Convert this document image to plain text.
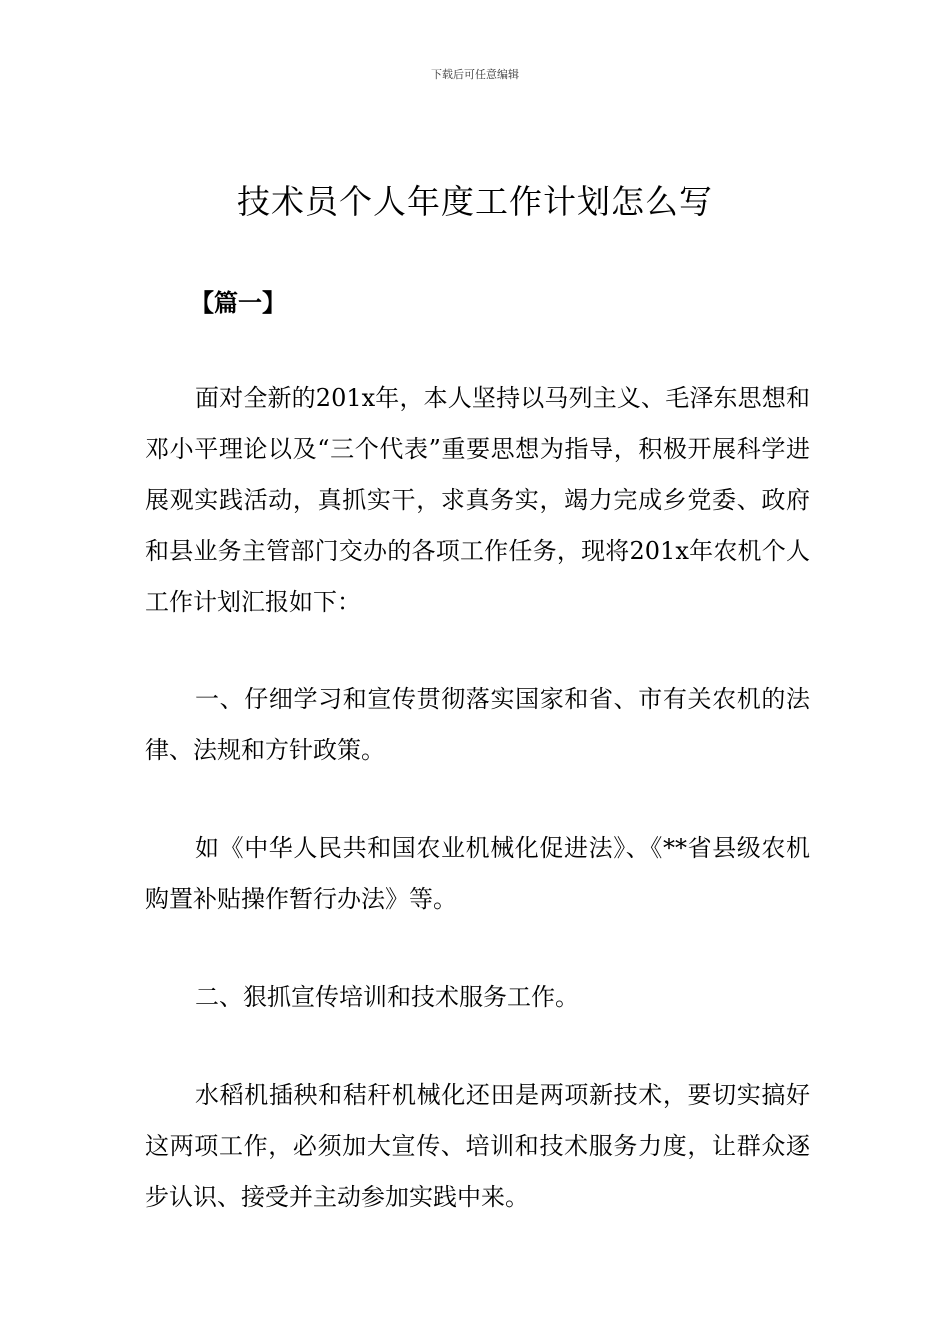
下载后可任意编辑
技术员个人年度工作计划怎么写
【篇一】

面对全新的201x年，本人坚持以马列主义、毛泽东思想和邓小平理论以及“三个代表”重要思想为指导，积极开展科学进展观实践活动，真抓实干，求真务实，竭力完成乡党委、政府和县业务主管部门交办的各项工作任务，现将201x年农机个人工作计划汇报如下：

一、仔细学习和宣传贯彻落实国家和省、市有关农机的法律、法规和方针政策。

如《中华人民共和国农业机械化促进法》、《**省县级农机购置补贴操作暂行办法》等。

二、狠抓宣传培训和技术服务工作。

水稻机插秧和秸秆机械化还田是两项新技术，要切实搞好这两项工作，必须加大宣传、培训和技术服务力度，让群众逐步认识、接受并主动参加实践中来。
